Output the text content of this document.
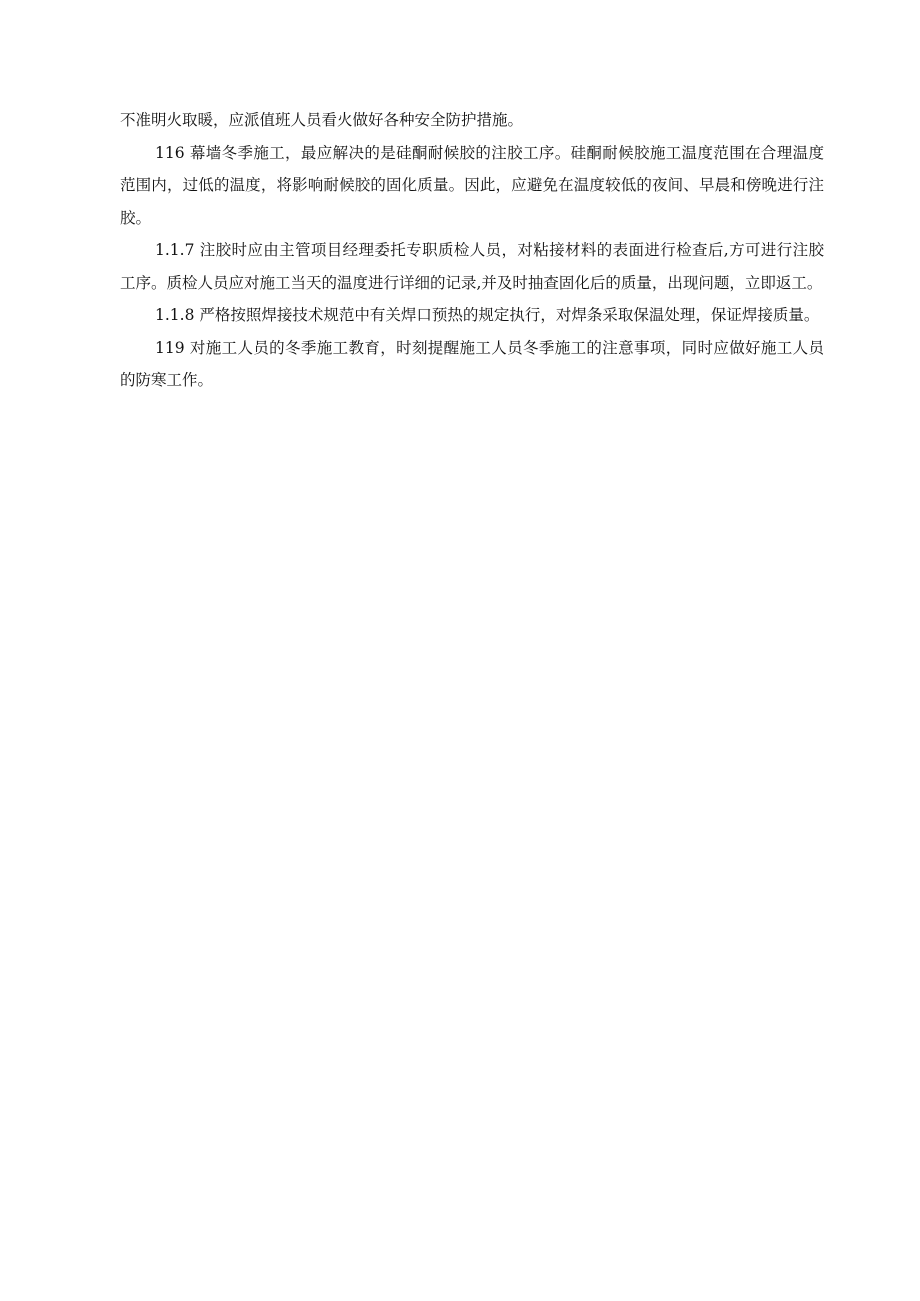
不准明火取暖，应派值班人员看火做好各种安全防护措施。

116 幕墙冬季施工，最应解决的是硅酮耐候胶的注胶工序。硅酮耐候胶施工温度范围在合理温度范围内，过低的温度，将影响耐候胶的固化质量。因此，应避免在温度较低的夜间、早晨和傍晚进行注胶。

1.1.7 注胶时应由主管项目经理委托专职质检人员，对粘接材料的表面进行检查后,方可进行注胶工序。质检人员应对施工当天的温度进行详细的记录,并及时抽查固化后的质量，出现问题，立即返工。

1.1.8 严格按照焊接技术规范中有关焊口预热的规定执行，对焊条采取保温处理，保证焊接质量。

119 对施工人员的冬季施工教育，时刻提醒施工人员冬季施工的注意事项，同时应做好施工人员的防寒工作。
